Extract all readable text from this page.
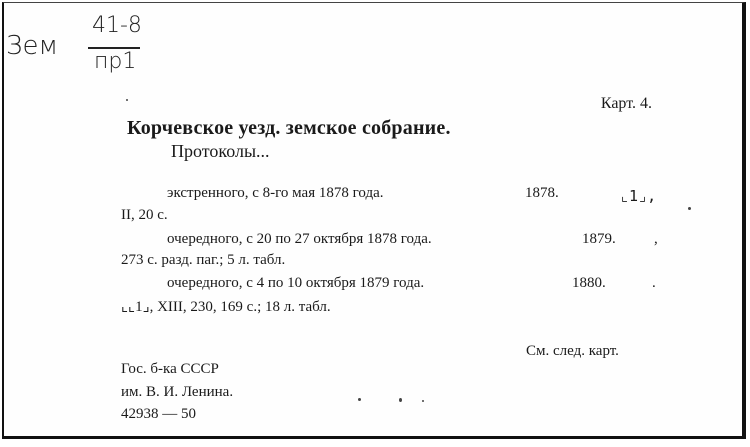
Зем
41-8
пр1
Карт. 4.
Корчевское уезд. земское собрание.
Протоколы...
экстренного, с 8-го мая 1878 года.	1878.	⌞1⌟,
II, 20 с.
очередного, с 20 по 27 октября 1878 года.	1879.	,
273 с. разд. паг.; 5 л. табл.
очередного, с 4 по 10 октября 1879 года.	1880.	.
⌞⌞1⌟, XIII, 230, 169 с.; 18 л. табл.
См. след. карт.
Гос. б-ка СССР
им. В. И. Ленина.
42938 — 50
